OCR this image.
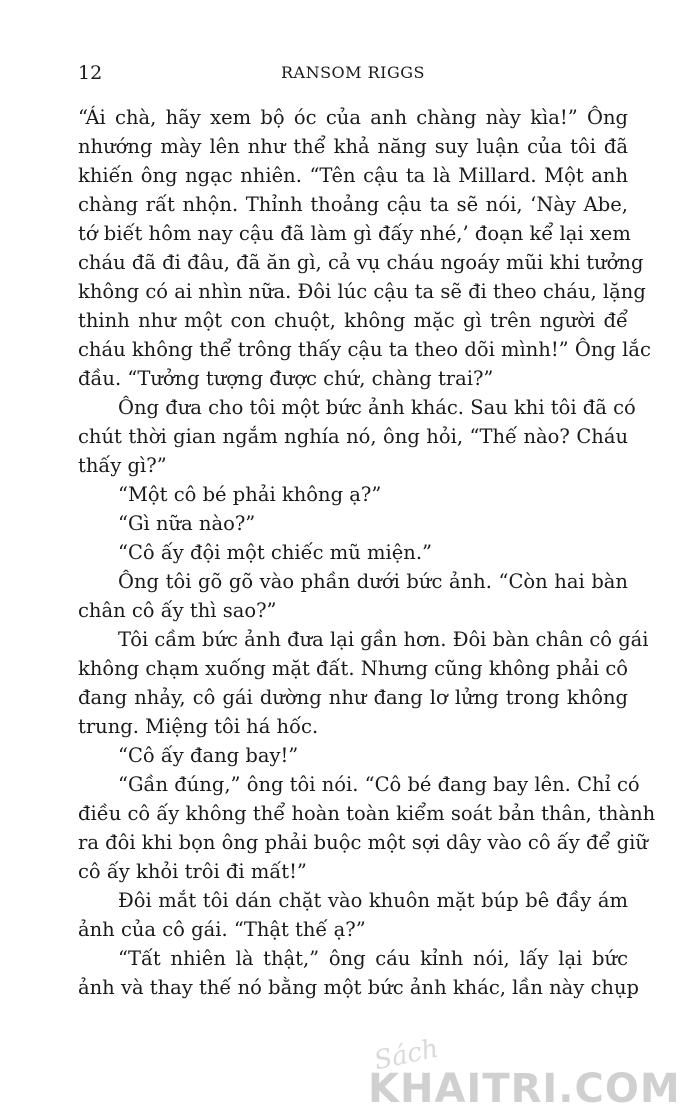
12	RANSOM RIGGS
“Ái chà, hãy xem bộ óc của anh chàng này kìa!” Ông
nhướng mày lên như thể khả năng suy luận của tôi đã
khiến ông ngạc nhiên. “Tên cậu ta là Millard. Một anh
chàng rất nhộn. Thỉnh thoảng cậu ta sẽ nói, ‘Này Abe,
tớ biết hôm nay cậu đã làm gì đấy nhé,’ đoạn kể lại xem
cháu đã đi đâu, đã ăn gì, cả vụ cháu ngoáy mũi khi tưởng
không có ai nhìn nữa. Đôi lúc cậu ta sẽ đi theo cháu, lặng
thinh như một con chuột, không mặc gì trên người để
cháu không thể trông thấy cậu ta theo dõi mình!” Ông lắc
đầu. “Tưởng tượng được chứ, chàng trai?”
Ông đưa cho tôi một bức ảnh khác. Sau khi tôi đã có
chút thời gian ngắm nghía nó, ông hỏi, “Thế nào? Cháu
thấy gì?”
“Một cô bé phải không ạ?”
“Gì nữa nào?”
“Cô ấy đội một chiếc mũ miện.”
Ông tôi gõ gõ vào phần dưới bức ảnh. “Còn hai bàn
chân cô ấy thì sao?”
Tôi cầm bức ảnh đưa lại gần hơn. Đôi bàn chân cô gái
không chạm xuống mặt đất. Nhưng cũng không phải cô
đang nhảy, cô gái dường như đang lơ lửng trong không
trung. Miệng tôi há hốc.
“Cô ấy đang bay!”
“Gần đúng,” ông tôi nói. “Cô bé đang bay lên. Chỉ có
điều cô ấy không thể hoàn toàn kiểm soát bản thân, thành
ra đôi khi bọn ông phải buộc một sợi dây vào cô ấy để giữ
cô ấy khỏi trôi đi mất!”
Đôi mắt tôi dán chặt vào khuôn mặt búp bê đầy ám
ảnh của cô gái. “Thật thế ạ?”
“Tất nhiên là thật,” ông cáu kỉnh nói, lấy lại bức
ảnh và thay thế nó bằng một bức ảnh khác, lần này chụp
Sách
KHAITRI.COM
